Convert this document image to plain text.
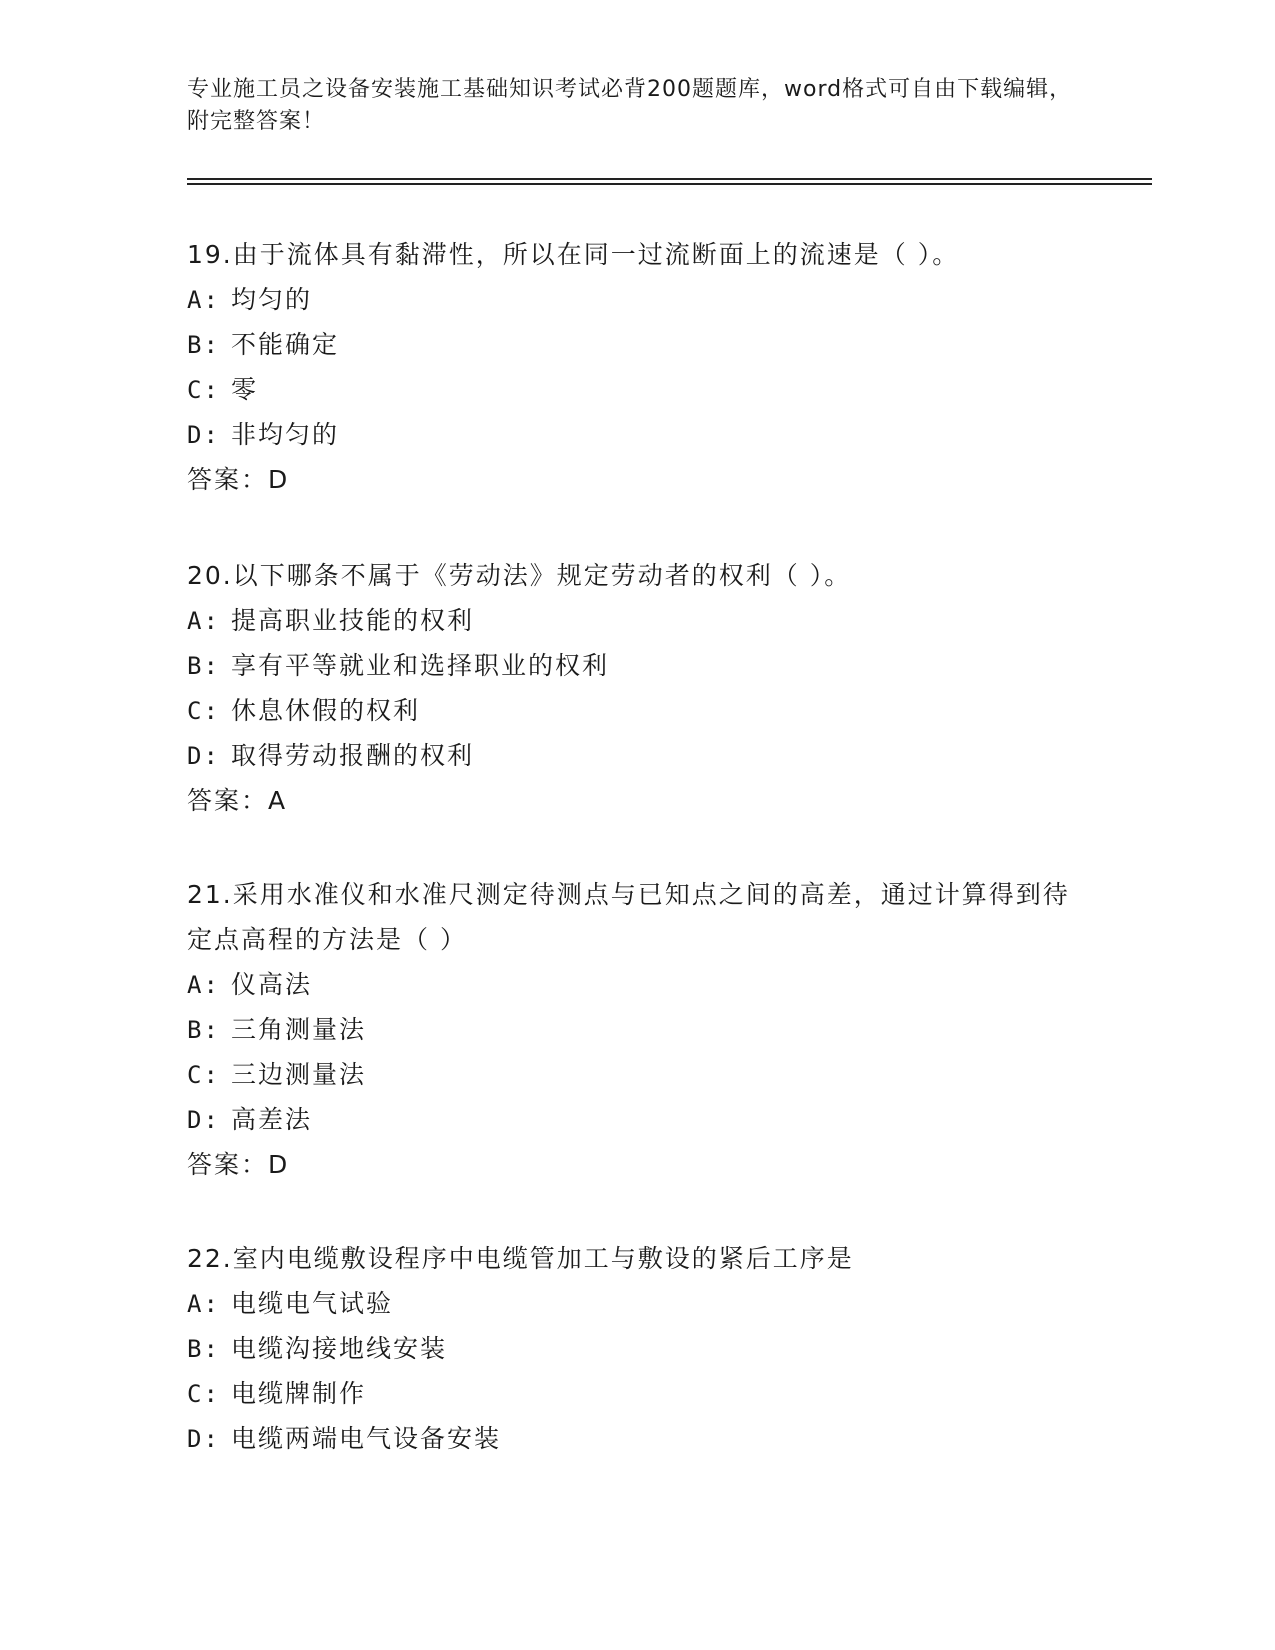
专业施工员之设备安装施工基础知识考试必背200题题库，word格式可自由下载编辑，附完整答案！
19.由于流体具有黏滞性，所以在同一过流断面上的流速是（ ）。
A: 均匀的
B: 不能确定
C: 零
D: 非均匀的
答案：D
20.以下哪条不属于《劳动法》规定劳动者的权利（ ）。
A: 提高职业技能的权利
B: 享有平等就业和选择职业的权利
C: 休息休假的权利
D: 取得劳动报酬的权利
答案：A
21.采用水准仪和水准尺测定待测点与已知点之间的高差，通过计算得到待定点高程的方法是（ ）
A: 仪高法
B: 三角测量法
C: 三边测量法
D: 高差法
答案：D
22.室内电缆敷设程序中电缆管加工与敷设的紧后工序是
A: 电缆电气试验
B: 电缆沟接地线安装
C: 电缆牌制作
D: 电缆两端电气设备安装
